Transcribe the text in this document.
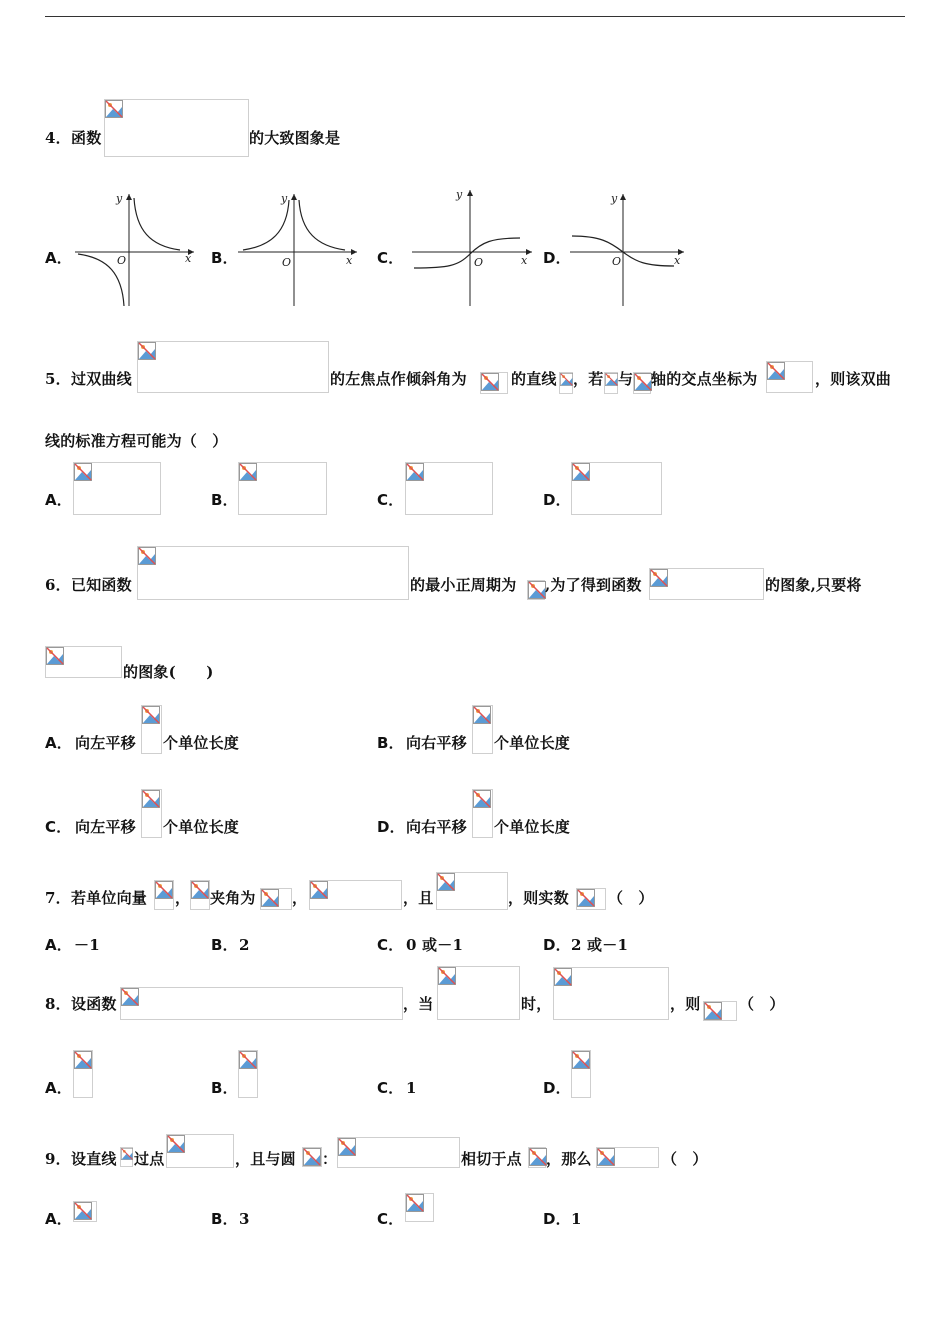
4． 函数	的大致图象是
A．
y
x
O	B．
y
x
O	C．
y
x
O	D．
y
x
O
5． 过双曲线	的左焦点作倾斜角为	的直线 ，若 与 轴的交点坐标为	，则该双曲
线的标准方程可能为（　）
A．	B．	C．	D．
6． 已知函数	的最小正周期为 ,为了得到函数	的图象,只要将
的图象(　　)
A． 向左平移 个单位长度	B． 向右平移 个单位长度
C． 向左平移 个单位长度	D． 向右平移 个单位长度
7． 若单位向量 ， 夹角为 ，	，且	，则实数	（　）
A． －1	B． 2	C． 0 或－1	D． 2 或－1
8． 设函数	，当	时，	，则	（　）
A．	B．	C． 1	D．
9． 设直线 过点	，且与圆 ：	相切于点 ，那么	（　）
A．	B． 3	C．	D． 1
